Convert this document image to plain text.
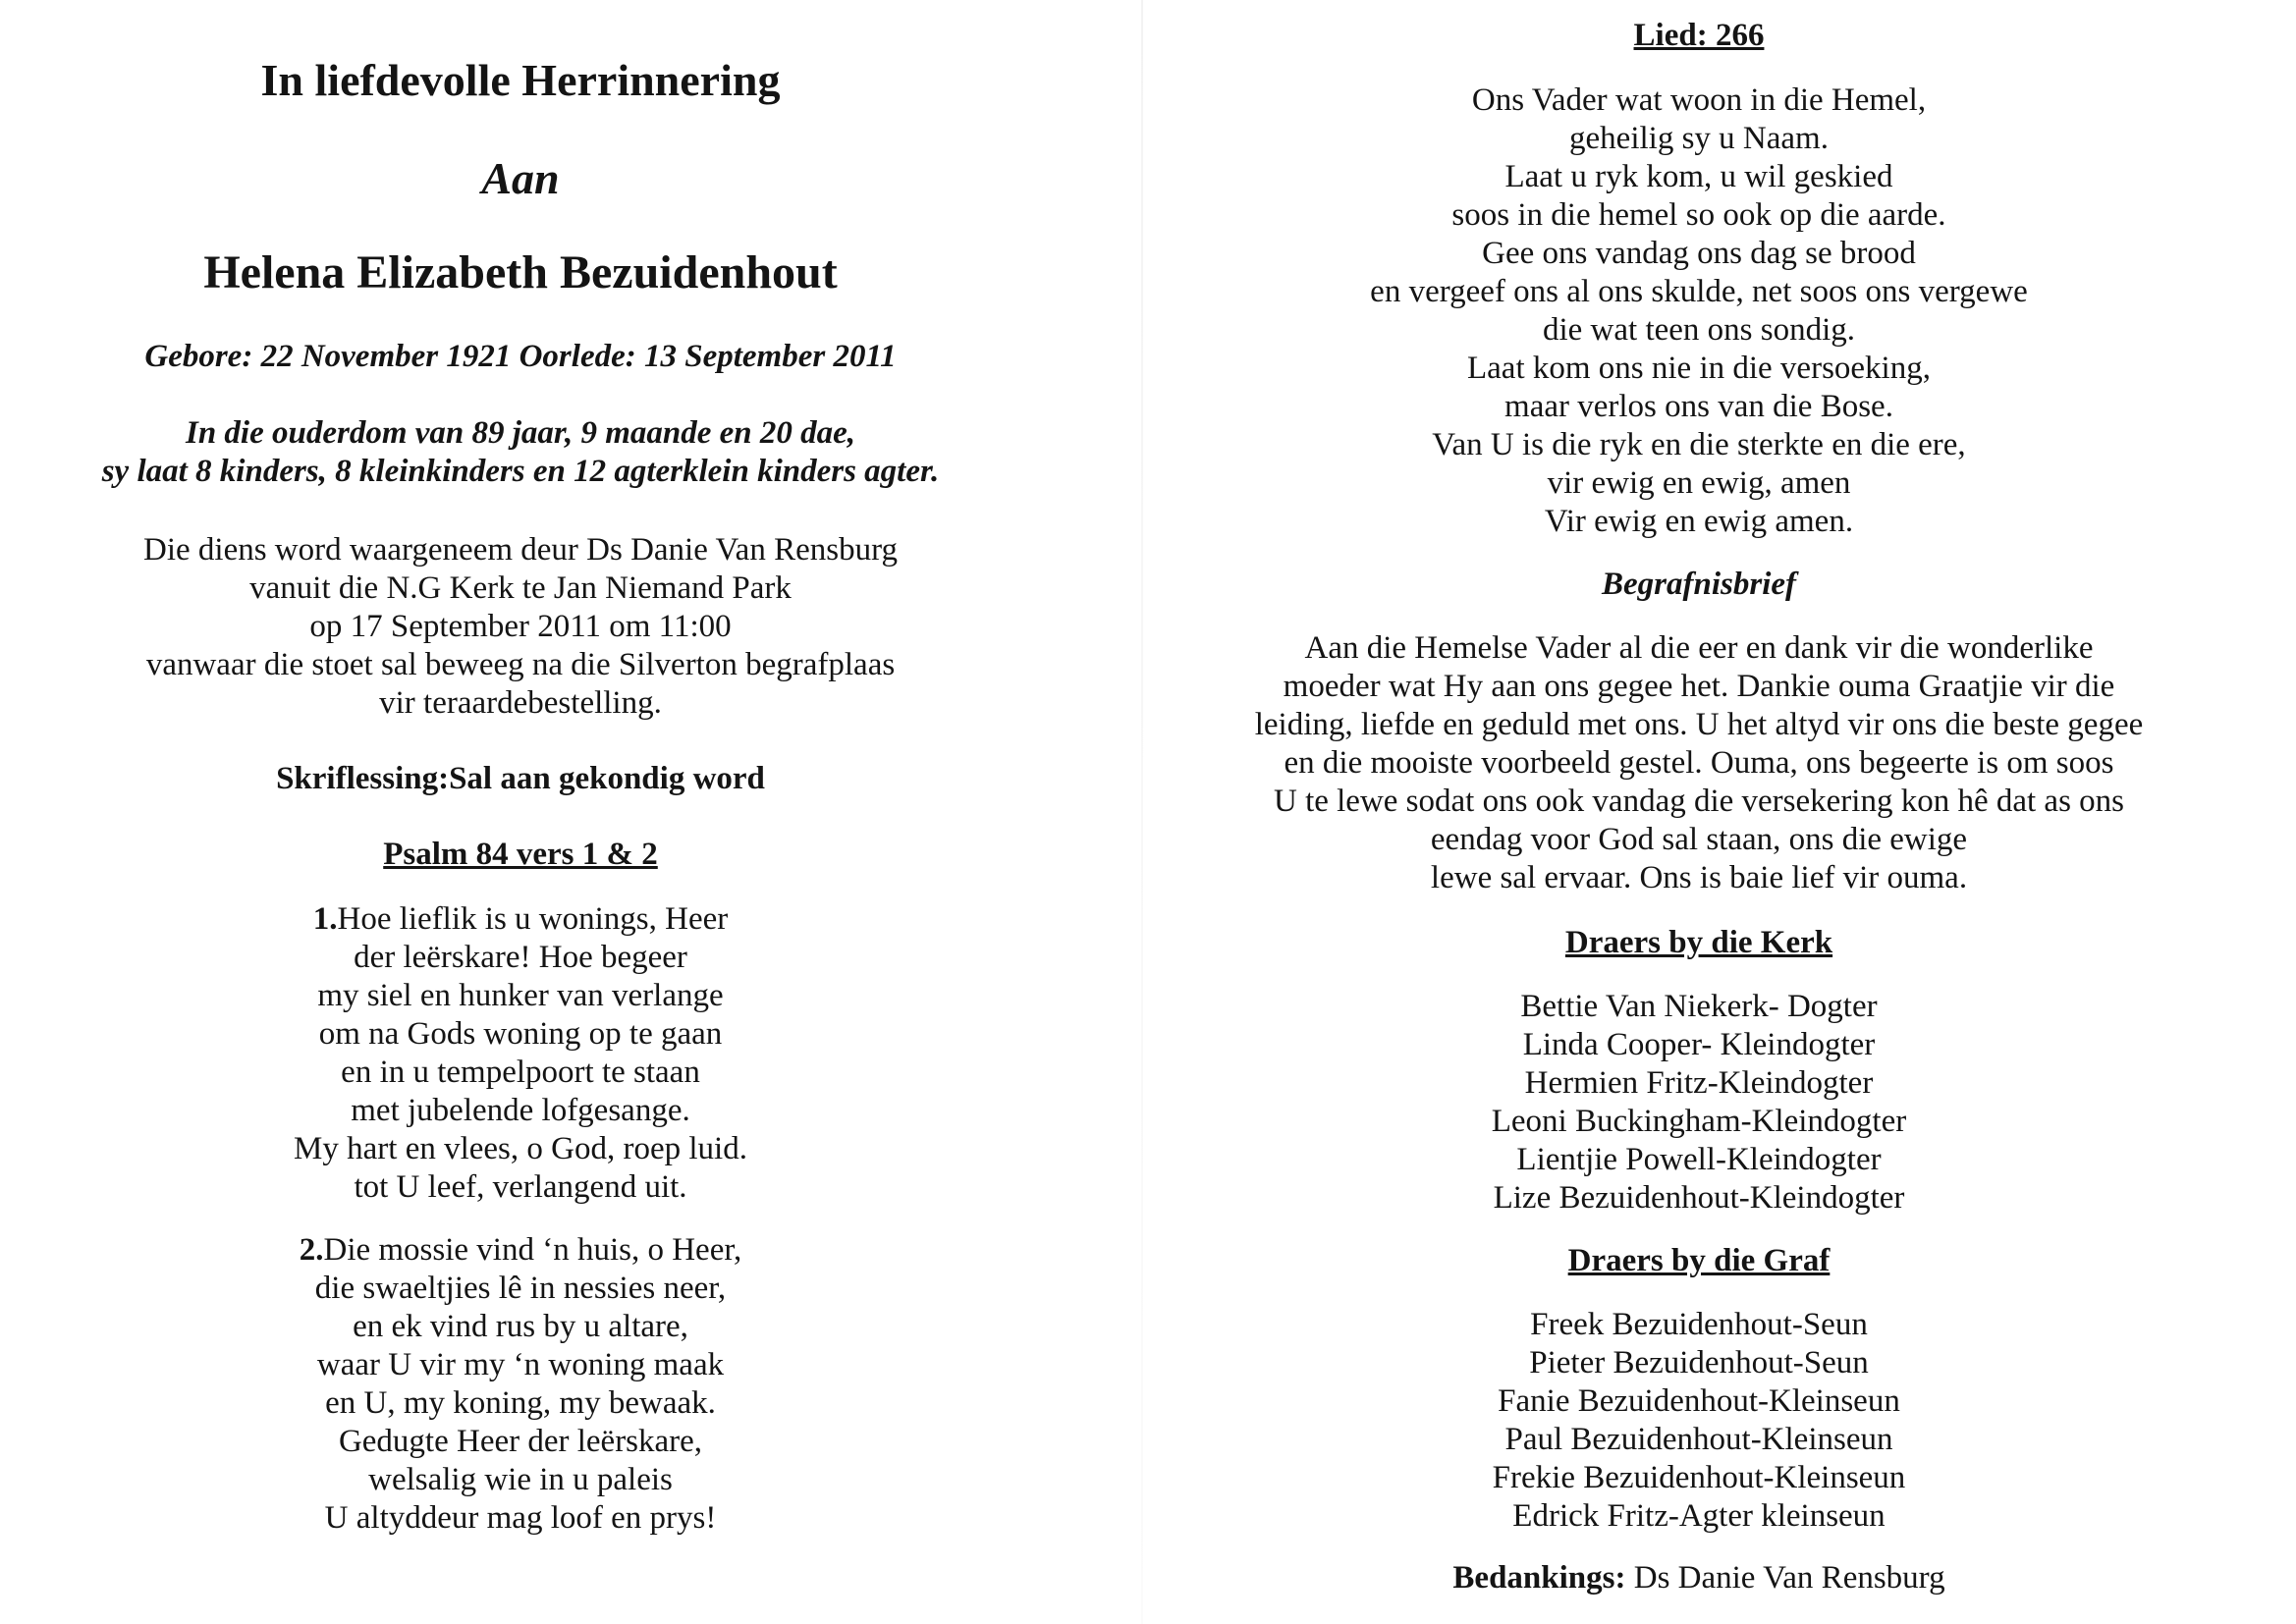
In liefdevolle Herrinnering
Aan
Helena Elizabeth Bezuidenhout
Gebore: 22 November 1921 Oorlede: 13 September 2011
In die ouderdom van 89 jaar, 9 maande en 20 dae,
sy laat 8 kinders, 8 kleinkinders en 12 agterklein kinders agter.
Die diens word waargeneem deur Ds Danie Van Rensburg
vanuit die N.G Kerk te Jan Niemand Park
op 17 September 2011 om 11:00
vanwaar die stoet sal beweeg na die Silverton begrafplaas
vir teraardebestelling.
Skriflessing:Sal aan gekondig word
Psalm 84 vers 1 & 2
1.Hoe lieflik is u wonings, Heer
der leërskare! Hoe begeer
my siel en hunker van verlange
om na Gods woning op te gaan
en in u tempelpoort te staan
met jubelende lofgesange.
My hart en vlees, o God, roep luid.
tot U leef, verlangend uit.
2.Die mossie vind ‘n huis, o Heer,
die swaeltjies lê in nessies neer,
en ek vind rus by u altare,
waar U vir my ‘n woning maak
en U, my koning, my bewaak.
Gedugte Heer der leërskare,
welsalig wie in u paleis
U altyddeur mag loof en prys!
Lied: 266
Ons Vader wat woon in die Hemel,
geheilig sy u Naam.
Laat u ryk kom, u wil geskied
soos in die hemel so ook op die aarde.
Gee ons vandag ons dag se brood
en vergeef ons al ons skulde, net soos ons vergewe
die wat teen ons sondig.
Laat kom ons nie in die versoeking,
maar verlos ons van die Bose.
Van U is die ryk en die sterkte en die ere,
vir ewig en ewig, amen
Vir ewig en ewig amen.
Begrafnisbrief
Aan die Hemelse Vader al die eer en dank vir die wonderlike
moeder wat Hy aan ons gegee het. Dankie ouma Graatjie vir die
leiding, liefde en geduld met ons. U het altyd vir ons die beste gegee
en die mooiste voorbeeld gestel. Ouma, ons begeerte is om soos
U te lewe sodat ons ook vandag die versekering kon hê dat as ons
eendag voor God sal staan, ons die ewige
lewe sal ervaar. Ons is baie lief vir ouma.
Draers by die Kerk
Bettie Van Niekerk- Dogter
Linda Cooper- Kleindogter
Hermien Fritz-Kleindogter
Leoni Buckingham-Kleindogter
Lientjie Powell-Kleindogter
Lize Bezuidenhout-Kleindogter
Draers by die Graf
Freek Bezuidenhout-Seun
Pieter Bezuidenhout-Seun
Fanie Bezuidenhout-Kleinseun
Paul Bezuidenhout-Kleinseun
Frekie Bezuidenhout-Kleinseun
Edrick Fritz-Agter kleinseun
Bedankings: Ds Danie Van Rensburg
